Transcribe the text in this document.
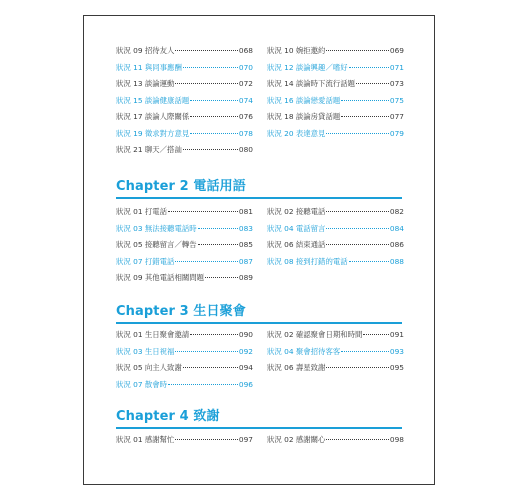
狀況 09 招待友人	068 狀況 10 婉拒邀約	069
狀況 11 與同事應酬	070 狀況 12 談論興趣／嗜好	071
狀況 13 談論運動	072 狀況 14 談論時下流行話題	073
狀況 15 談論健康話題	074 狀況 16 談論戀愛話題	075
狀況 17 談論人際關係	076 狀況 18 談論房貸話題	077
狀況 19 徵求對方意見	078 狀況 20 表達意見	079
狀況 21 聊天／搭訕	080
Chapter 2 電話用語
狀況 01 打電話	081 狀況 02 接聽電話	082
狀況 03 無法接聽電話時	083 狀況 04 電話留言	084
狀況 05 接聽留言／轉告	085 狀況 06 結束通話	086
狀況 07 打錯電話	087 狀況 08 接到打錯的電話	088
狀況 09 其他電話相關問題	089
Chapter 3 生日聚會
狀況 01 生日聚會邀請	090 狀況 02 確認聚會日期和時間	091
狀況 03 生日祝福	092 狀況 04 聚會招待客客	093
狀況 05 向主人致謝	094 狀況 06 壽星致謝	095
狀況 07 散會時	096
Chapter 4 致謝
狀況 01 感謝幫忙	097 狀況 02 感謝關心	098
